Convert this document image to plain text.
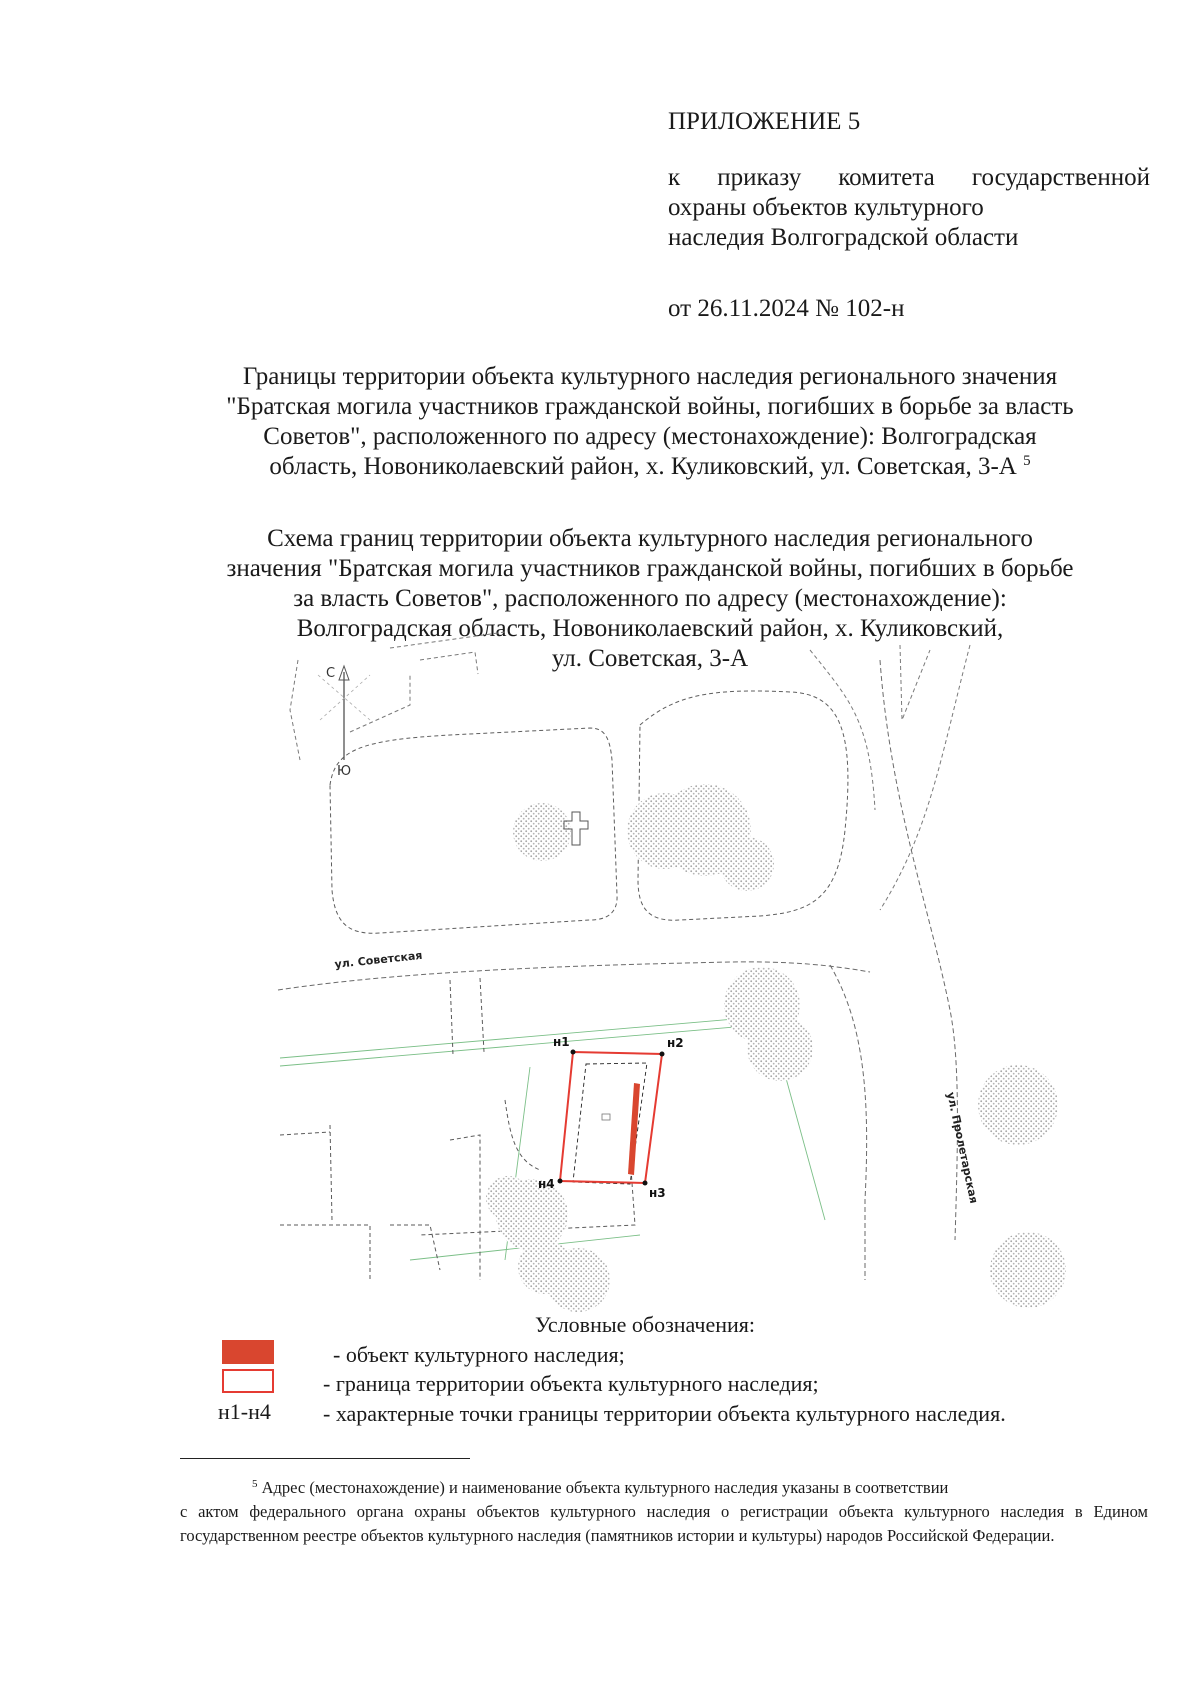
ПРИЛОЖЕНИЕ 5
к приказу комитета государственной
охраны объектов культурного
наследия Волгоградской области
от 26.11.2024 № 102-н
Границы территории объекта культурного наследия регионального значения
"Братская могила участников гражданской войны, погибших в борьбе за власть
Советов", расположенного по адресу (местонахождение): Волгоградская
область, Новониколаевский район, х. Куликовский, ул. Советская, 3-А $^5$
Схема границ территории объекта культурного наследия регионального
значения "Братская могила участников гражданской войны, погибших в борьбе
за власть Советов", расположенного по адресу (местонахождение):
Волгоградская область, Новониколаевский район, х. Куликовский,
ул. Советская, 3-А
С
Ю
ул. Советская
ул. Пролетарская
н1	н2
н3
н4
Условные обозначения:
н1-н4
- объект культурного наследия;
- граница территории объекта культурного наследия;
- характерные точки границы территории объекта культурного наследия.
$^5$ Адрес (местонахождение) и наименование объекта культурного наследия указаны в соответствии
с актом федерального органа охраны объектов культурного наследия о регистрации объекта культурного наследия в Едином государственном реестре объектов культурного наследия (памятников истории и культуры) народов Российской Федерации.
